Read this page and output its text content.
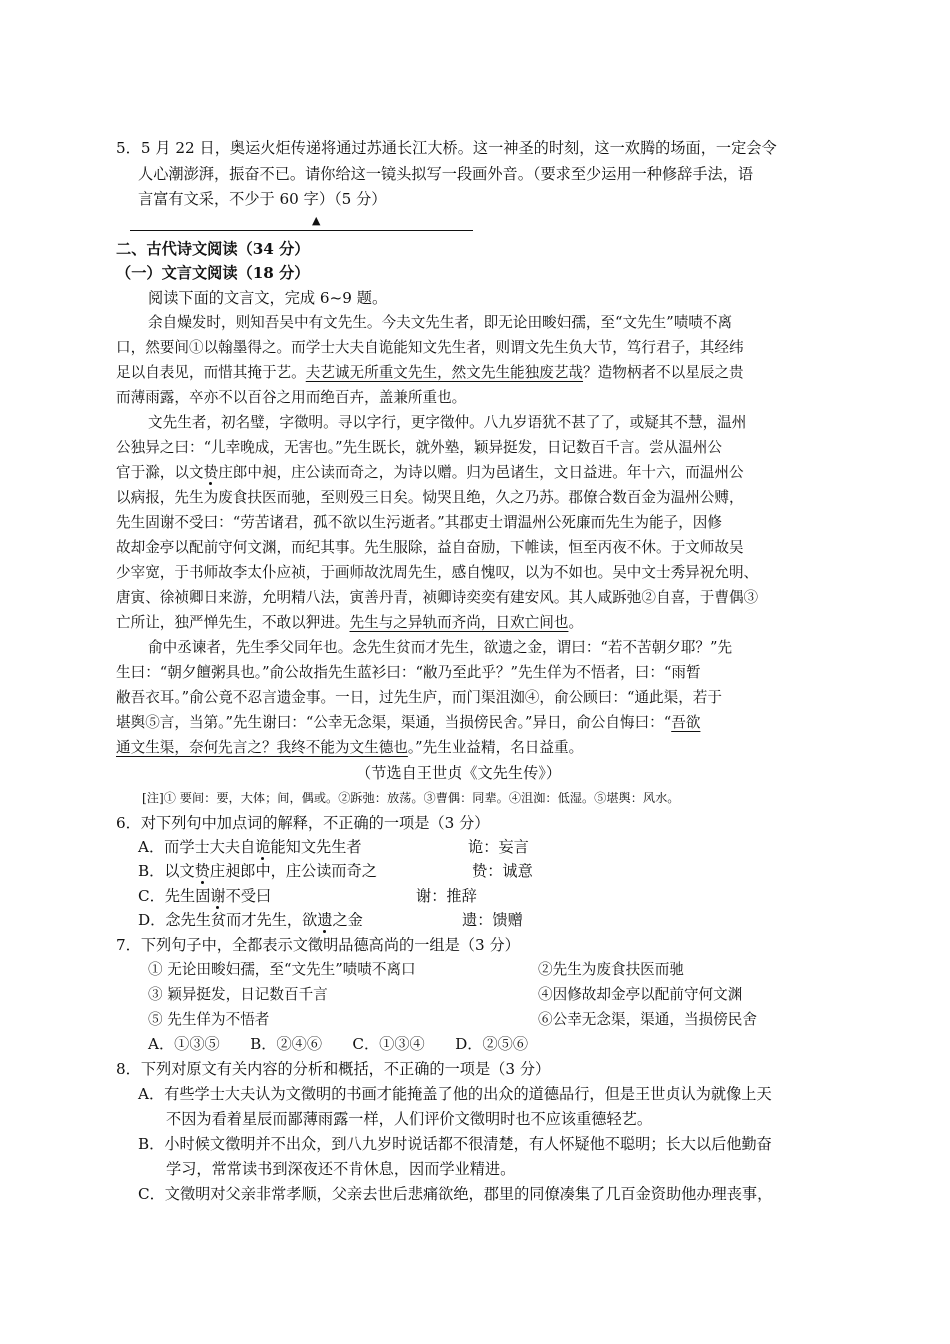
5．5 月 22 日，奥运火炬传递将通过苏通长江大桥。这一神圣的时刻，这一欢腾的场面，一定会令
人心潮澎湃，振奋不已。请你给这一镜头拟写一段画外音。（要求至少运用一种修辞手法，语
言富有文采，不少于 60 字）（5 分）
▲
二、古代诗文阅读（34 分）
（一）文言文阅读（18 分）
阅读下面的文言文，完成 6~9 题。
余自燥发时，则知吾吴中有文先生。今夫文先生者，即无论田畯妇孺，至“文先生”啧啧不离
口，然要间①以翰墨得之。而学士大夫自诡能知文先生者，则谓文先生负大节，笃行君子，其经纬
足以自表见，而惜其掩于艺。夫艺诚无所重文先生，然文先生能独废艺哉？造物柄者不以星辰之贵
而薄雨露，卒亦不以百谷之用而绝百卉，盖兼所重也。
文先生者，初名璧，字徵明。寻以字行，更字徵仲。八九岁语犹不甚了了，或疑其不慧，温州
公独异之曰：“儿幸晚成，无害也。”先生既长，就外塾，颖异挺发，日记数百千言。尝从温州公
官于滁，以文贽庄郎中昶，庄公读而奇之，为诗以赠。归为邑诸生，文日益进。年十六，而温州公
以病报，先生为废食扶医而驰，至则殁三日矣。恸哭且绝，久之乃苏。郡僚合数百金为温州公赙，
先生固谢不受曰：“劳苦诸君，孤不欲以生污逝者。”其郡吏士谓温州公死廉而先生为能子，因修
故却金亭以配前守何文渊，而纪其事。先生服除，益自奋励，下帷读，恒至丙夜不休。于文师故吴
少宰宽，于书师故李太仆应祯，于画师故沈周先生，感自愧叹，以为不如也。吴中文士秀异祝允明、
唐寅、徐祯卿日来游，允明精八法，寅善丹青，祯卿诗奕奕有建安风。其人咸跅弛②自喜，于曹偶③
亡所让，独严惮先生，不敢以狎进。先生与之异轨而齐尚，日欢亡间也。
俞中丞谏者，先生季父同年也。念先生贫而才先生，欲遗之金，谓曰：“若不苦朝夕耶？”先
生曰：“朝夕饘粥具也。”俞公故指先生蓝衫曰：“敝乃至此乎？”先生佯为不悟者，曰：“雨暂
敝吾衣耳。”俞公竟不忍言遗金事。一日，过先生庐，而门渠沮洳④，俞公顾曰：“通此渠，若于
堪舆⑤言，当第。”先生谢曰：“公幸无念渠，渠通，当损傍民舍。”异日，俞公自悔曰：“吾欲
通文生渠，奈何先言之？我终不能为文生德也。”先生业益精，名日益重。
（节选自王世贞《文先生传》）
[注]① 要间：要，大体；间，偶或。②跅弛：放荡。③曹偶：同辈。④沮洳：低湿。⑤堪舆：风水。
6．对下列句中加点词的解释，不正确的一项是（3 分）
A．而学士大夫自诡能知文先生者	诡：妄言
B．以文贽庄昶郎中，庄公读而奇之	贽：诚意
C．先生固谢不受曰	谢：推辞
D．念先生贫而才先生，欲遗之金	遗：馈赠
7．下列句子中，全都表示文徵明品德高尚的一组是（3 分）
① 无论田畯妇孺，至“文先生”啧啧不离口	②先生为废食扶医而驰
③ 颖异挺发，日记数百千言	④因修故却金亭以配前守何文渊
⑤ 先生佯为不悟者	⑥公幸无念渠，渠通，当损傍民舍
A．①③⑤　　B．②④⑥　　C．①③④　　D．②⑤⑥
8．下列对原文有关内容的分析和概括，不正确的一项是（3 分）
A．有些学士大夫认为文徵明的书画才能掩盖了他的出众的道德品行，但是王世贞认为就像上天
不因为看着星辰而鄙薄雨露一样，人们评价文徵明时也不应该重德轻艺。
B．小时候文徵明并不出众，到八九岁时说话都不很清楚，有人怀疑他不聪明；长大以后他勤奋
学习，常常读书到深夜还不肯休息，因而学业精进。
C．文徵明对父亲非常孝顺，父亲去世后悲痛欲绝，郡里的同僚凑集了几百金资助他办理丧事，
